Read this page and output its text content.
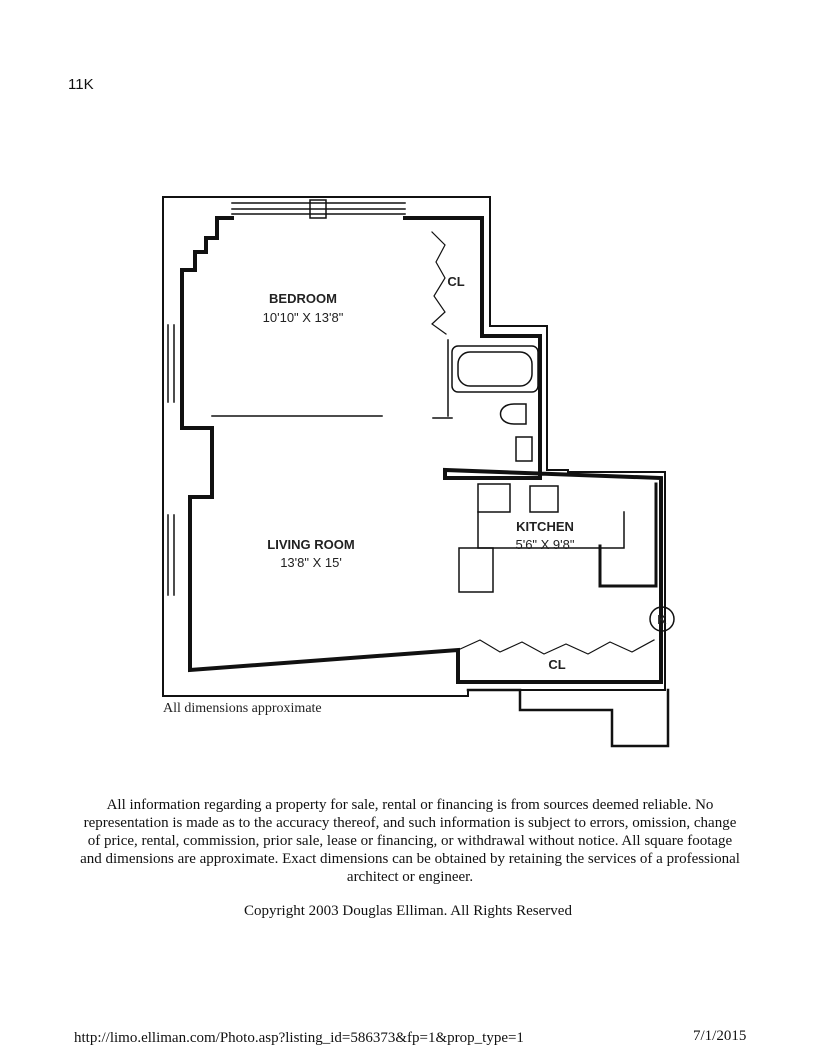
11K
BEDROOM
10'10" X 13'8"
LIVING ROOM
13'8" X 15'
KITCHEN
5'6" X 9'8"
CL
CL
K
All dimensions approximate
All information regarding a property for sale, rental or financing is from sources deemed reliable. No representation is made as to the accuracy thereof, and such information is subject to errors, omission, change of price, rental, commission, prior sale, lease or financing, or withdrawal without notice. All square footage and dimensions are approximate. Exact dimensions can be obtained by retaining the services of a professional architect or engineer.
Copyright 2003 Douglas Elliman. All Rights Reserved
http://limo.elliman.com/Photo.asp?listing_id=586373&fp=1&prop_type=1	7/1/2015
